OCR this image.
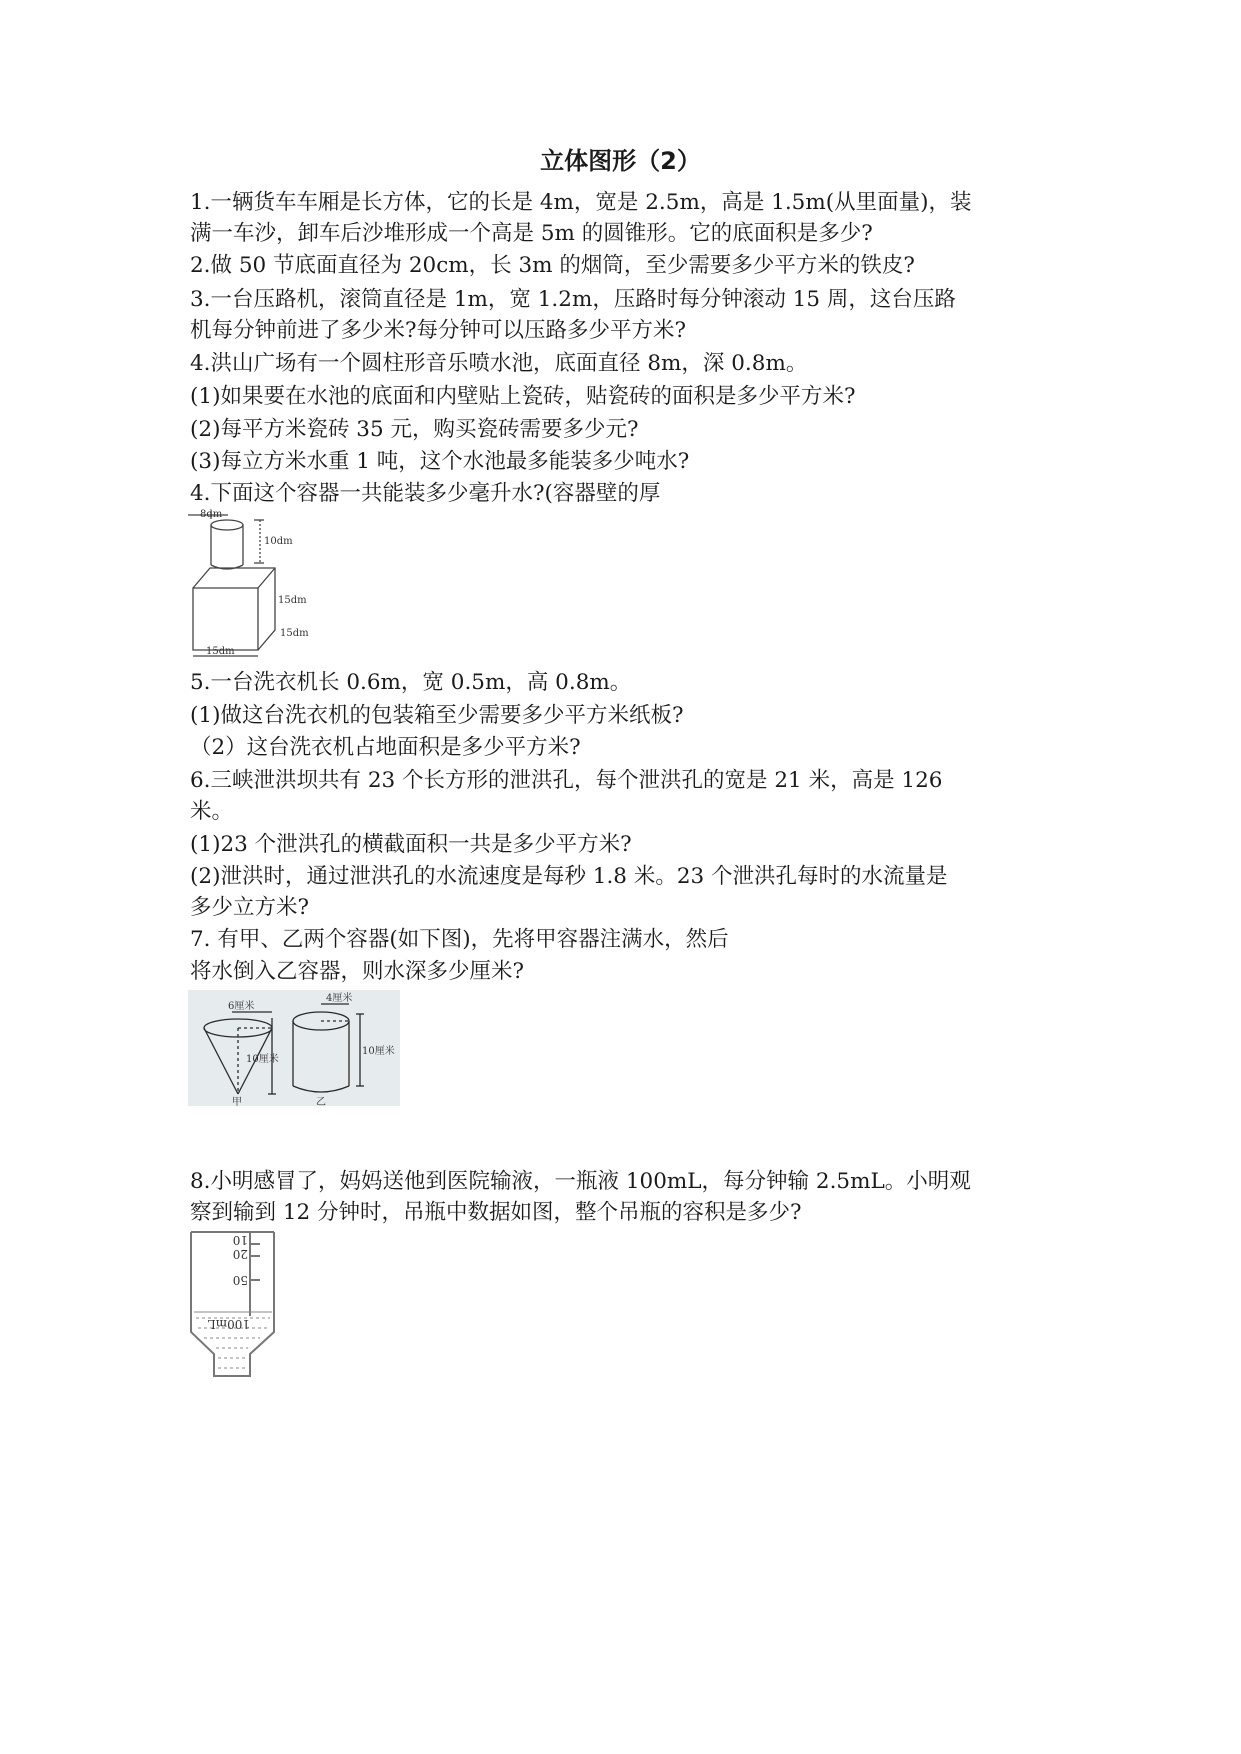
立体图形（2）
1.一辆货车车厢是长方体，它的长是 4m，宽是 2.5m，高是 1.5m(从里面量)，装
满一车沙，卸车后沙堆形成一个高是 5m 的圆锥形。它的底面积是多少?
2.做 50 节底面直径为 20cm，长 3m 的烟筒，至少需要多少平方米的铁皮?
3.一台压路机，滚筒直径是 1m，宽 1.2m，压路时每分钟滚动 15 周，这台压路
机每分钟前进了多少米?每分钟可以压路多少平方米?
4.洪山广场有一个圆柱形音乐喷水池，底面直径 8m，深 0.8m。
(1)如果要在水池的底面和内壁贴上瓷砖，贴瓷砖的面积是多少平方米?
(2)每平方米瓷砖 35 元，购买瓷砖需要多少元?
(3)每立方米水重 1 吨，这个水池最多能装多少吨水?
4.下面这个容器一共能装多少毫升水?(容器壁的厚
8dm
10dm
15dm
15dm
15dm
5.一台洗衣机长 0.6m，宽 0.5m，高 0.8m。
(1)做这台洗衣机的包装箱至少需要多少平方米纸板?
（2）这台洗衣机占地面积是多少平方米?
6.三峡泄洪坝共有 23 个长方形的泄洪孔，每个泄洪孔的宽是 21 米，高是 126
米。
(1)23 个泄洪孔的横截面积一共是多少平方米?
(2)泄洪时，通过泄洪孔的水流速度是每秒 1.8 米。23 个泄洪孔每时的水流量是
多少立方米?
7. 有甲、乙两个容器(如下图)，先将甲容器注满水，然后
将水倒入乙容器，则水深多少厘米?
6厘米
10厘米
4厘米
10厘米
甲	乙
8.小明感冒了，妈妈送他到医院输液，一瓶液 100mL，每分钟输 2.5mL。小明观
察到输到 12 分钟时，吊瓶中数据如图，整个吊瓶的容积是多少?
10
20
50
100mL
